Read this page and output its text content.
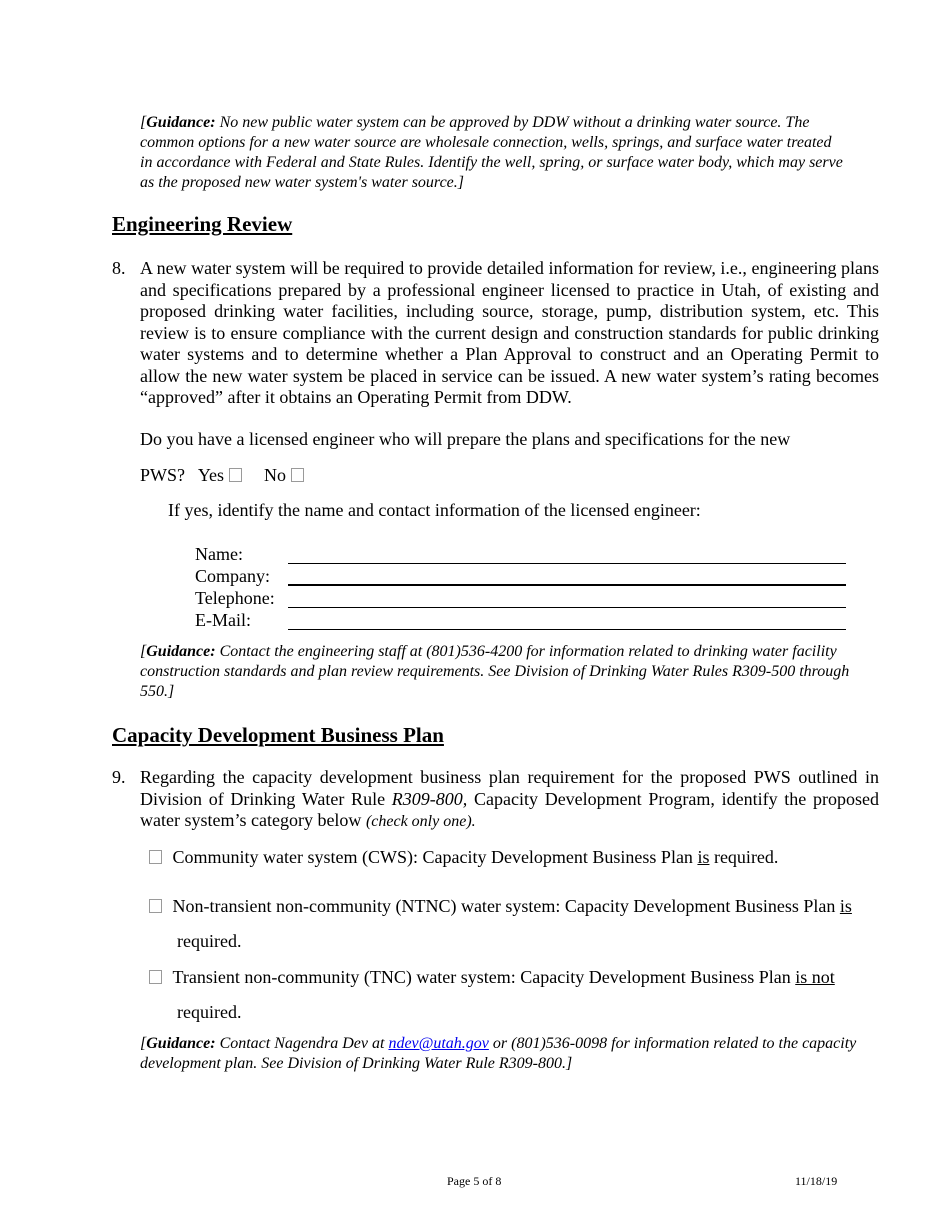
[Guidance: No new public water system can be approved by DDW without a drinking water source. The common options for a new water source are wholesale connection, wells, springs, and surface water treated in accordance with Federal and State Rules. Identify the well, spring, or surface water body, which may serve as the proposed new water system's water source.]
Engineering Review
8. A new water system will be required to provide detailed information for review, i.e., engineering plans and specifications prepared by a professional engineer licensed to practice in Utah, of existing and proposed drinking water facilities, including source, storage, pump, distribution system, etc. This review is to ensure compliance with the current design and construction standards for public drinking water systems and to determine whether a Plan Approval to construct and an Operating Permit to allow the new water system be placed in service can be issued. A new water system’s rating becomes “approved” after it obtains an Operating Permit from DDW.
Do you have a licensed engineer who will prepare the plans and specifications for the new
PWS? Yes No
If yes, identify the name and contact information of the licensed engineer:
Name:
Company:
Telephone:
E-Mail:
[Guidance: Contact the engineering staff at (801)536-4200 for information related to drinking water facility construction standards and plan review requirements. See Division of Drinking Water Rules R309-500 through 550.]
Capacity Development Business Plan
9. Regarding the capacity development business plan requirement for the proposed PWS outlined in Division of Drinking Water Rule R309-800, Capacity Development Program, identify the proposed water system’s category below (check only one).
Community water system (CWS): Capacity Development Business Plan is required.
Non-transient non-community (NTNC) water system: Capacity Development Business Plan is
required.
Transient non-community (TNC) water system: Capacity Development Business Plan is not
required.
[Guidance: Contact Nagendra Dev at ndev@utah.gov or (801)536-0098 for information related to the capacity development plan. See Division of Drinking Water Rule R309-800.]
Page 5 of 8	11/18/19
